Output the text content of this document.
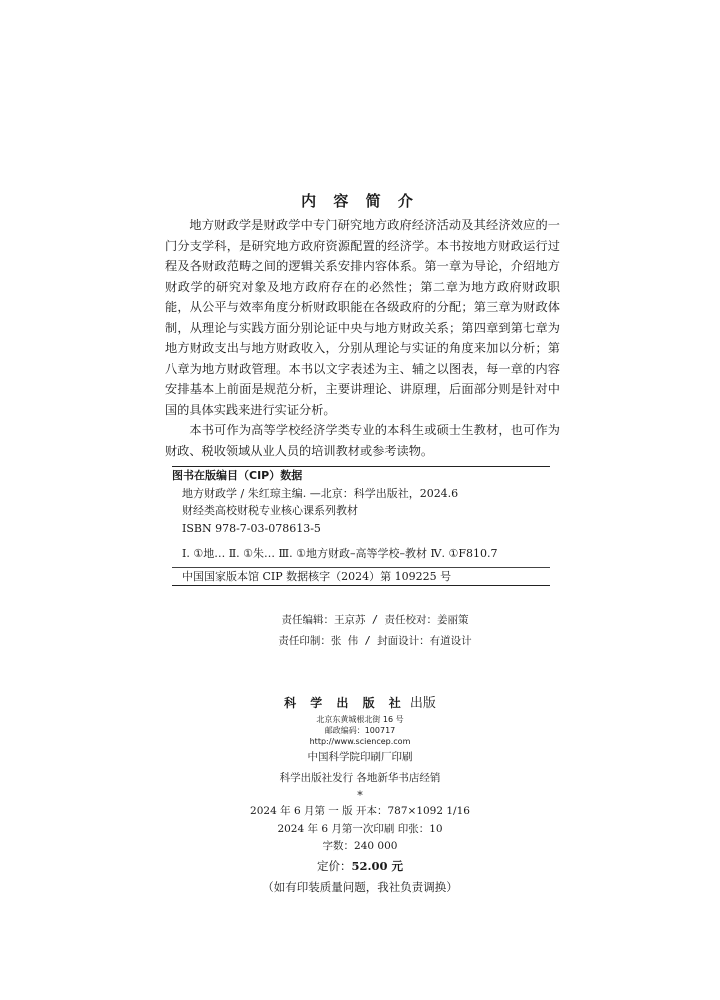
内 容 简 介

地方财政学是财政学中专门研究地方政府经济活动及其经济效应的一门分支学科，是研究地方政府资源配置的经济学。本书按地方财政运行过程及各财政范畴之间的逻辑关系安排内容体系。第一章为导论，介绍地方财政学的研究对象及地方政府存在的必然性；第二章为地方政府财政职能，从公平与效率角度分析财政职能在各级政府的分配；第三章为财政体制，从理论与实践方面分别论证中央与地方财政关系；第四章到第七章为地方财政支出与地方财政收入，分别从理论与实证的角度来加以分析；第八章为地方财政管理。本书以文字表述为主、辅之以图表，每一章的内容安排基本上前面是规范分析，主要讲理论、讲原理，后面部分则是针对中国的具体实践来进行实证分析。

本书可作为高等学校经济学类专业的本科生或硕士生教材，也可作为财政、税收领域从业人员的培训教材或参考读物。

图书在版编目（CIP）数据
地方财政学 / 朱红琼主编. —北京：科学出版社，2024.6
财经类高校财税专业核心课系列教材
ISBN 978-7-03-078613-5
Ⅰ. ①地… Ⅱ. ①朱… Ⅲ. ①地方财政–高等学校–教材 Ⅳ. ①F810.7
中国国家版本馆 CIP 数据核字（2024）第 109225 号
责任编辑：王京苏 / 责任校对：姜丽策
责任印制：张 伟 / 封面设计：有道设计
科 学 出 版 社 出版
北京东黄城根北街 16 号
邮政编码：100717
http://www.sciencep.com
中国科学院印刷厂印刷
科学出版社发行 各地新华书店经销
*
2024 年 6 月第 一 版 开本：787×1092 1/16
2024 年 6 月第一次印刷 印张：10
字数：240 000
定价：52.00 元
（如有印装质量问题，我社负责调换）
